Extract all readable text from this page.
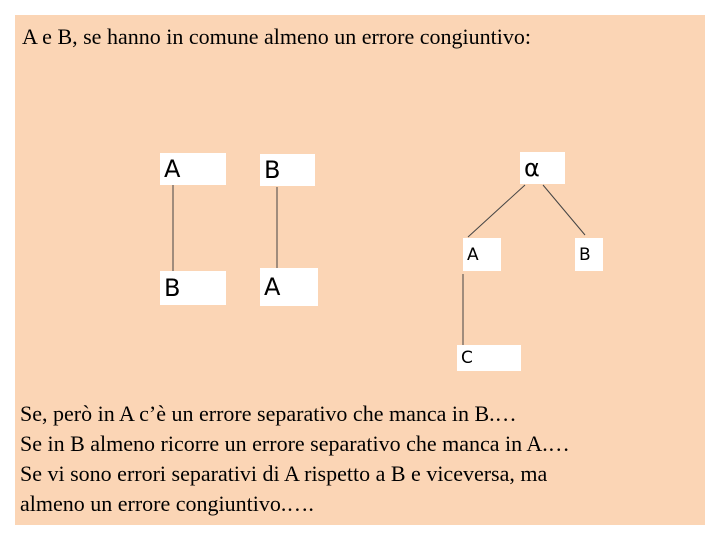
A e B, se hanno in comune almeno un errore congiuntivo:
A
B
B
A
α
A	B
C
Se, però in A c’è un errore separativo che manca in B.…
Se in B almeno ricorre un errore separativo che manca in A.…
Se vi sono errori separativi di A rispetto a B e viceversa, ma
almeno un errore congiuntivo.….
